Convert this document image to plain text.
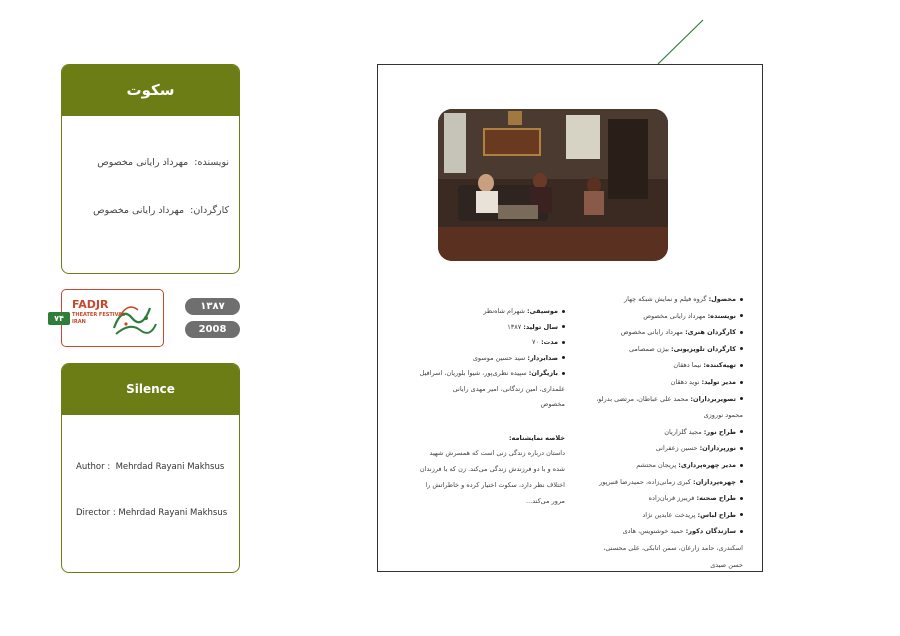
سکوت
نویسنده:  مهرداد رایانی مخصوص
کارگردان:  مهرداد رایانی مخصوص
۷۴
FADJR
THEATER FESTIVAL
IRAN
۱۳۸۷
2008
Silence
Author : Mehrdad Rayani Makhsus
Director : Mehrdad Rayani Makhsus
محصول: گروه فیلم و نمایش شبکه چهار
نویسنده: مهرداد رایانی مخصوص
کارگردان هنری: مهرداد رایانی مخصوص
کارگردان تلویزیونی: بیژن صمصامی
تهیه‌کننده: نیما دهقان
مدیر تولید: نوید دهقان
تصویربرداران: محمد علی عباطان، مرتضی بدرلو،
محمود نوروزی
طراح نور: مجید گلزاریان
نورپردازان: حسین زعفرانی
مدیر چهره‌پردازی: پریجان محتشم
چهره‌پردازان: کبری زمانی‌زاده، حمیدرضا قنبرپور
طراح صحنه: فریبرز قربان‌زاده
طراح لباس: پریدخت عابدین نژاد
سازندگان دکور: حمید خوشنویس، هادی
اسکندری، حامد زارعان، سمن اتابکی، علی محسنی،
حسن صیدی
موسیقی: شهرام شاه‌نظر
سال تولید: ۱۳۸۷
مدت: ۷۰
صدابردار: سید حسین موسوی
بازیگران: سپیده نظری‌پور، شیوا بلوریان، اسرافیل
علمداری، امین زندگانی، امیر مهدی رایانی
مخصوص
خلاصه نمایشنامه:
داستان درباره زندگی زنی است که همسرش شهید
شده و با دو فرزندش زندگی می‌کند. زن که با فرزندان
اختلاف نظر دارد، سکوت اختیار کرده و خاطراتش را
مرور می‌کند...
